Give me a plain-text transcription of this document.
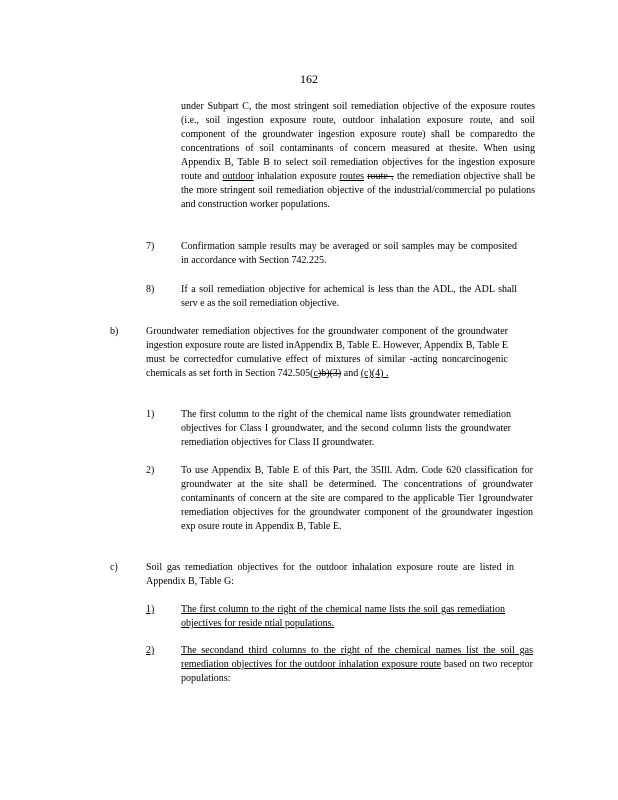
162
under Subpart C, the most stringent soil remediation objective of the exposure routes (i.e., soil ingestion exposure route, outdoor inhalation exposure route, and soil component of the groundwater ingestion exposure route) shall be comparedto the concentrations of soil contaminants of concern measured at thesite. When using Appendix B, Table B to select soil remediation objectives for the ingestion exposure route and outdoor inhalation exposure routes route , the remediation objective shall be the more stringent soil remediation objective of the industrial/commercial po pulations and construction worker populations.
7)	Confirmation sample results may be averaged or soil samples may be composited in accordance with Section 742.225.
8)	If a soil remediation objective for achemical is less than the ADL, the ADL shall serv e as the soil remediation objective.
b)	Groundwater remediation objectives for the groundwater component of the groundwater ingestion exposure route are listed inAppendix B, Table E. However, Appendix B, Table E must be correctedfor cumulative effect of mixtures of similar -acting noncarcinogenic chemicals as set forth in Section 742.505(c)b)(3) and (c)(4) .
1)	The first column to the right of the chemical name lists groundwater remediation objectives for Class I groundwater, and the second column lists the groundwater remediation objectives for Class II groundwater.
2)	To use Appendix B, Table E of this Part, the 35Ill. Adm. Code 620 classification for groundwater at the site shall be determined. The concentrations of groundwater contaminants of concern at the site are compared to the applicable Tier 1groundwater remediation objectives for the groundwater component of the groundwater ingestion exp osure route in Appendix B, Table E.
c)	Soil gas remediation objectives for the outdoor inhalation exposure route are listed in Appendix B, Table G:
1)	The first column to the right of the chemical name lists the soil gas remediation objectives for reside ntial populations.
2)	The secondand third columns to the right of the chemical names list the soil gas remediation objectives for the outdoor inhalation exposure route based on two receptor populations:
